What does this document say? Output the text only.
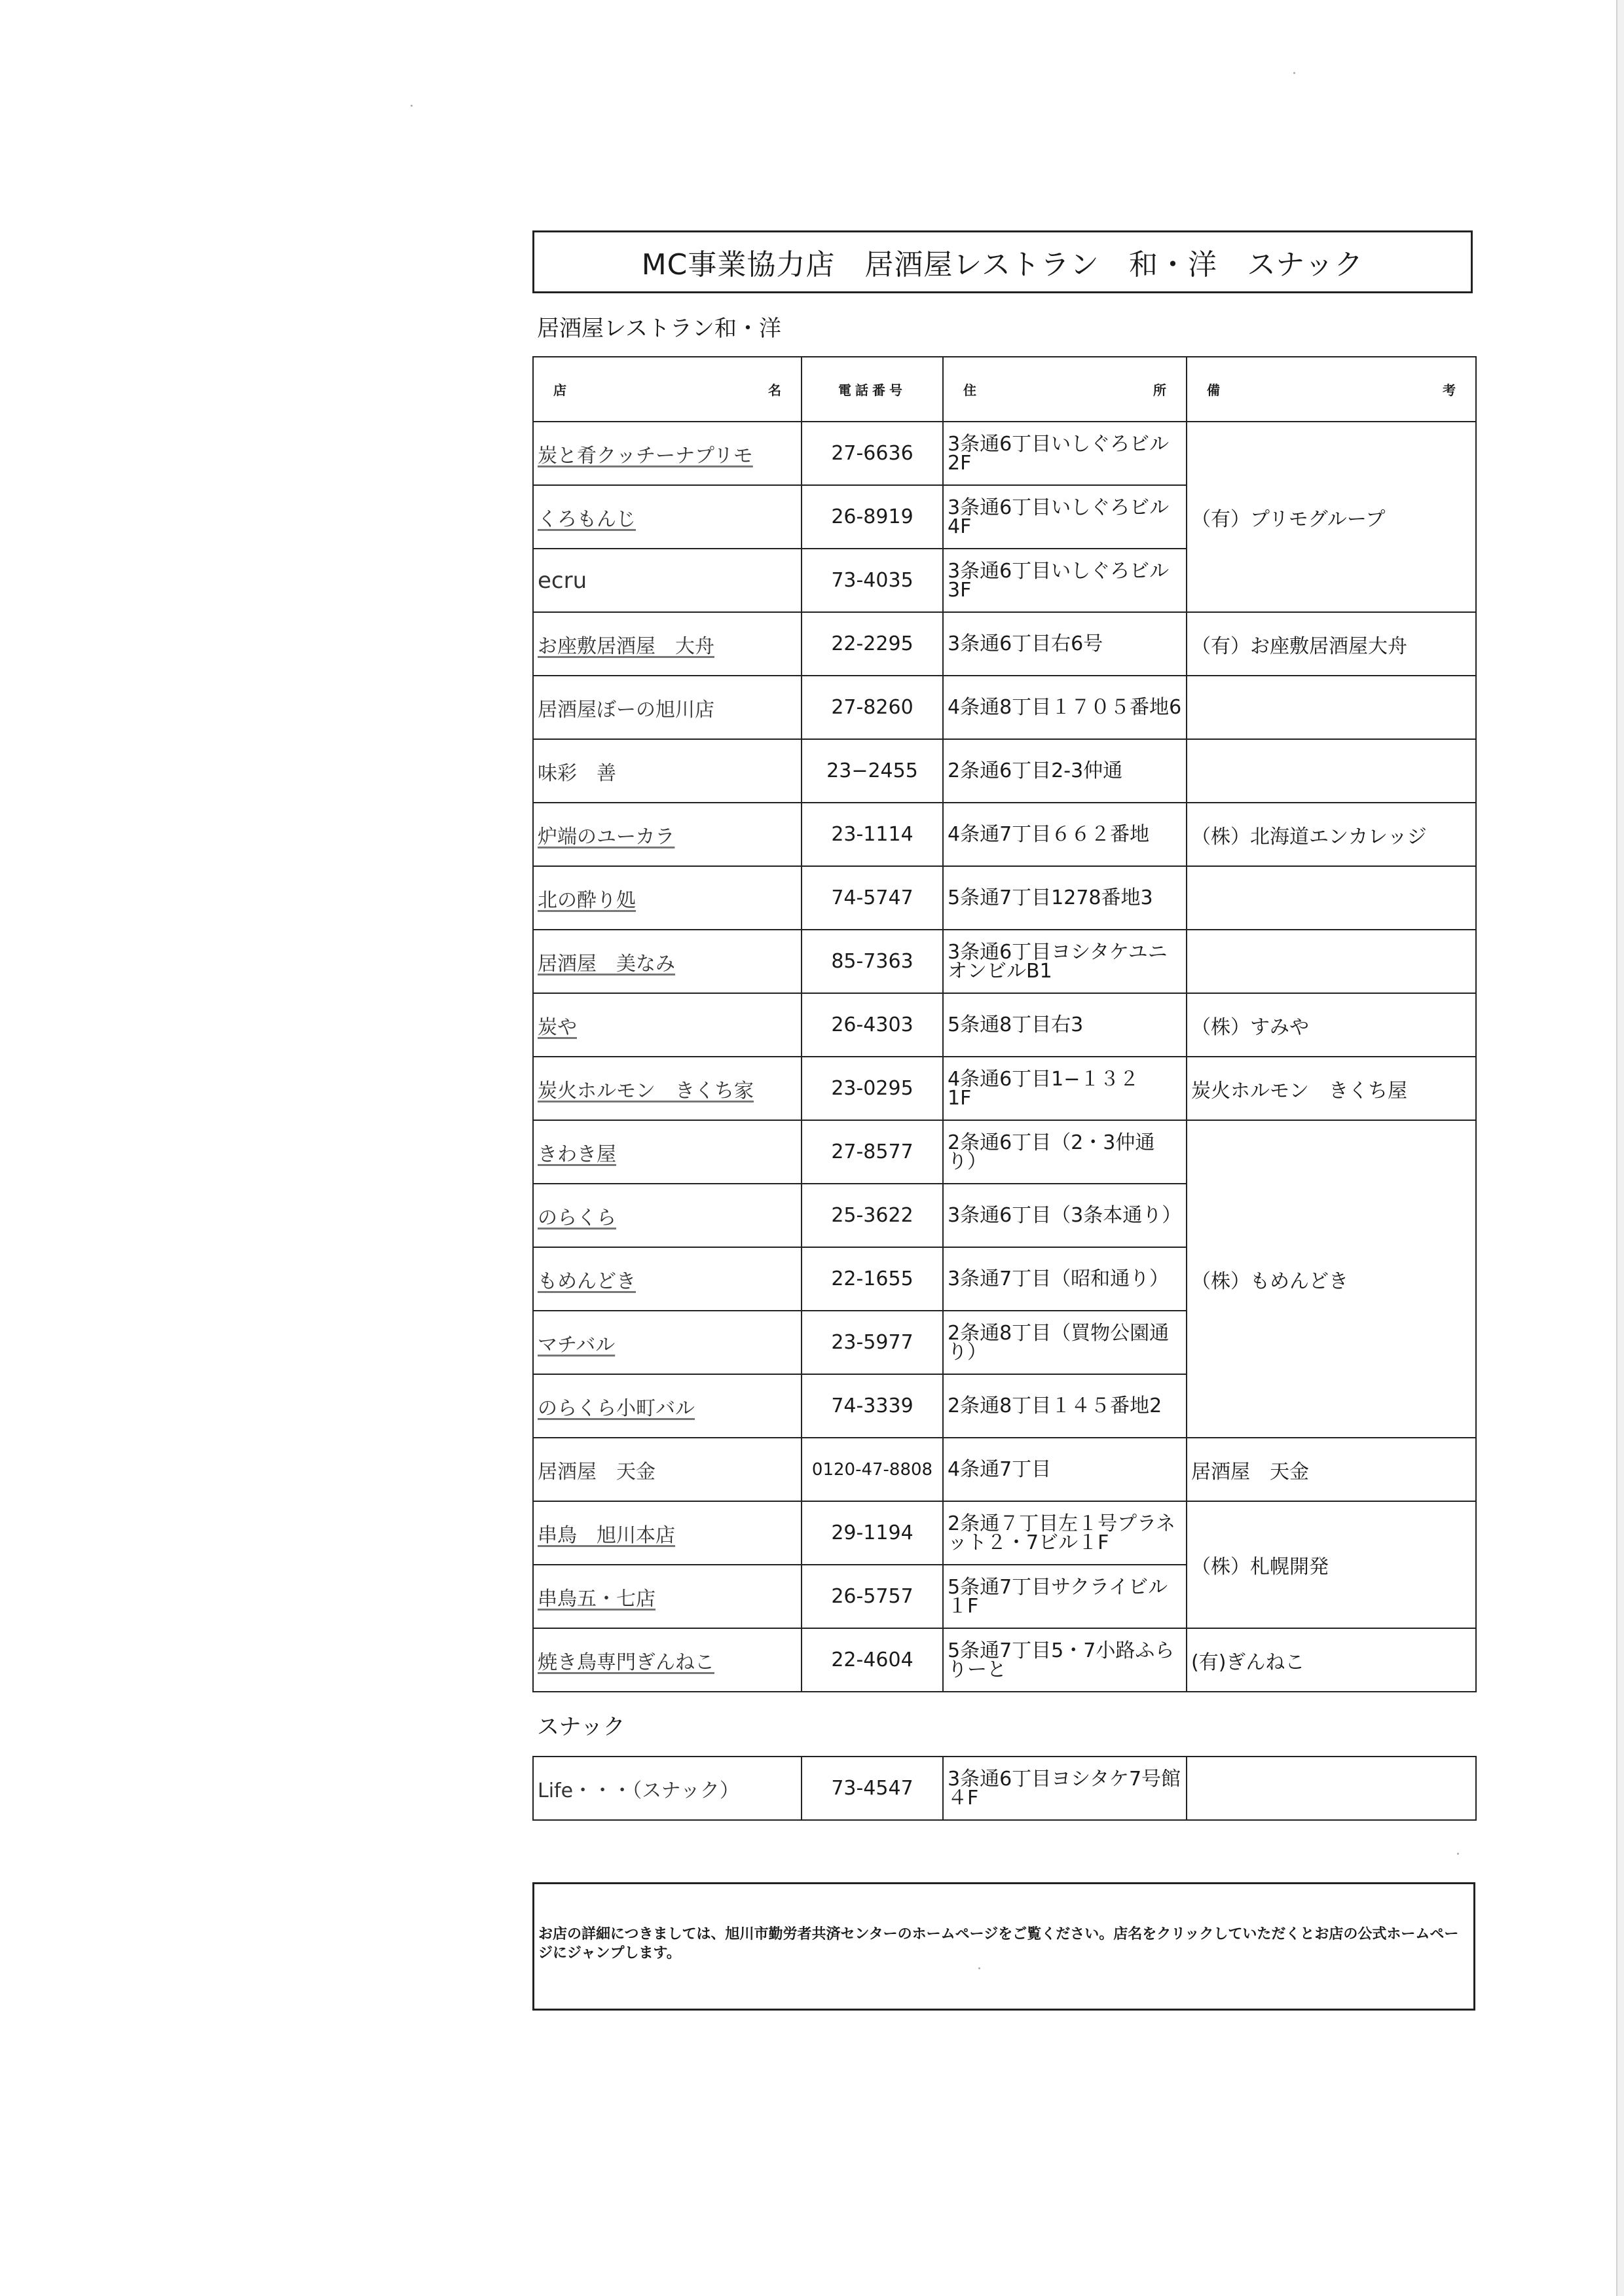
MC事業協力店　居酒屋レストラン　和・洋　スナック
居酒屋レストラン和・洋
店 名	電話番号	住 所	備 考

炭と肴クッチーナプリモ	27-6636	3条通6丁目いしぐろビル2F	（有）プリモグループ
くろもんじ	26-8919	3条通6丁目いしぐろビル4F	
ecru	73-4035	3条通6丁目いしぐろビル3F	
お座敷居酒屋　大舟	22-2295	3条通6丁目右6号	（有）お座敷居酒屋大舟
居酒屋ぼーの旭川店	27-8260	4条通8丁目１７０５番地6	
味彩　善	23−2455	2条通6丁目2-3仲通	
炉端のユーカラ	23-1114	4条通7丁目６６２番地	（株）北海道エンカレッジ
北の酔り処	74-5747	5条通7丁目1278番地3	
居酒屋　美なみ	85-7363	3条通6丁目ヨシタケユニオンビルB1	
炭や	26-4303	5条通8丁目右3	（株）すみや
炭火ホルモン　きくち家	23-0295	4条通6丁目1−１３２　1F	炭火ホルモン　きくち屋
きわき屋	27-8577	2条通6丁目（2・3仲通り）	（株）もめんどき
のらくら	25-3622	3条通6丁目（3条本通り）	
もめんどき	22-1655	3条通7丁目（昭和通り）	
マチバル	23-5977	2条通8丁目（買物公園通り）	
のらくら小町バル	74-3339	2条通8丁目１４５番地2	
居酒屋　天金	0120-47-8808	4条通7丁目	居酒屋　天金
串鳥　旭川本店	29-1194	2条通７丁目左１号プラネット２・7ビル１F	（株）札幌開発
串鳥五・七店	26-5757	5条通7丁目サクライビル１F	
焼き鳥専門ぎんねこ	22-4604	5条通7丁目5・7小路ふらりーと	(有)ぎんねこ
スナック
Life・・・（スナック）	73-4547	3条通6丁目ヨシタケ7号館４F	
お店の詳細につきましては、旭川市勤労者共済センターのホームページをご覧ください。店名をクリックしていただくとお店の公式ホームページにジャンプします。
